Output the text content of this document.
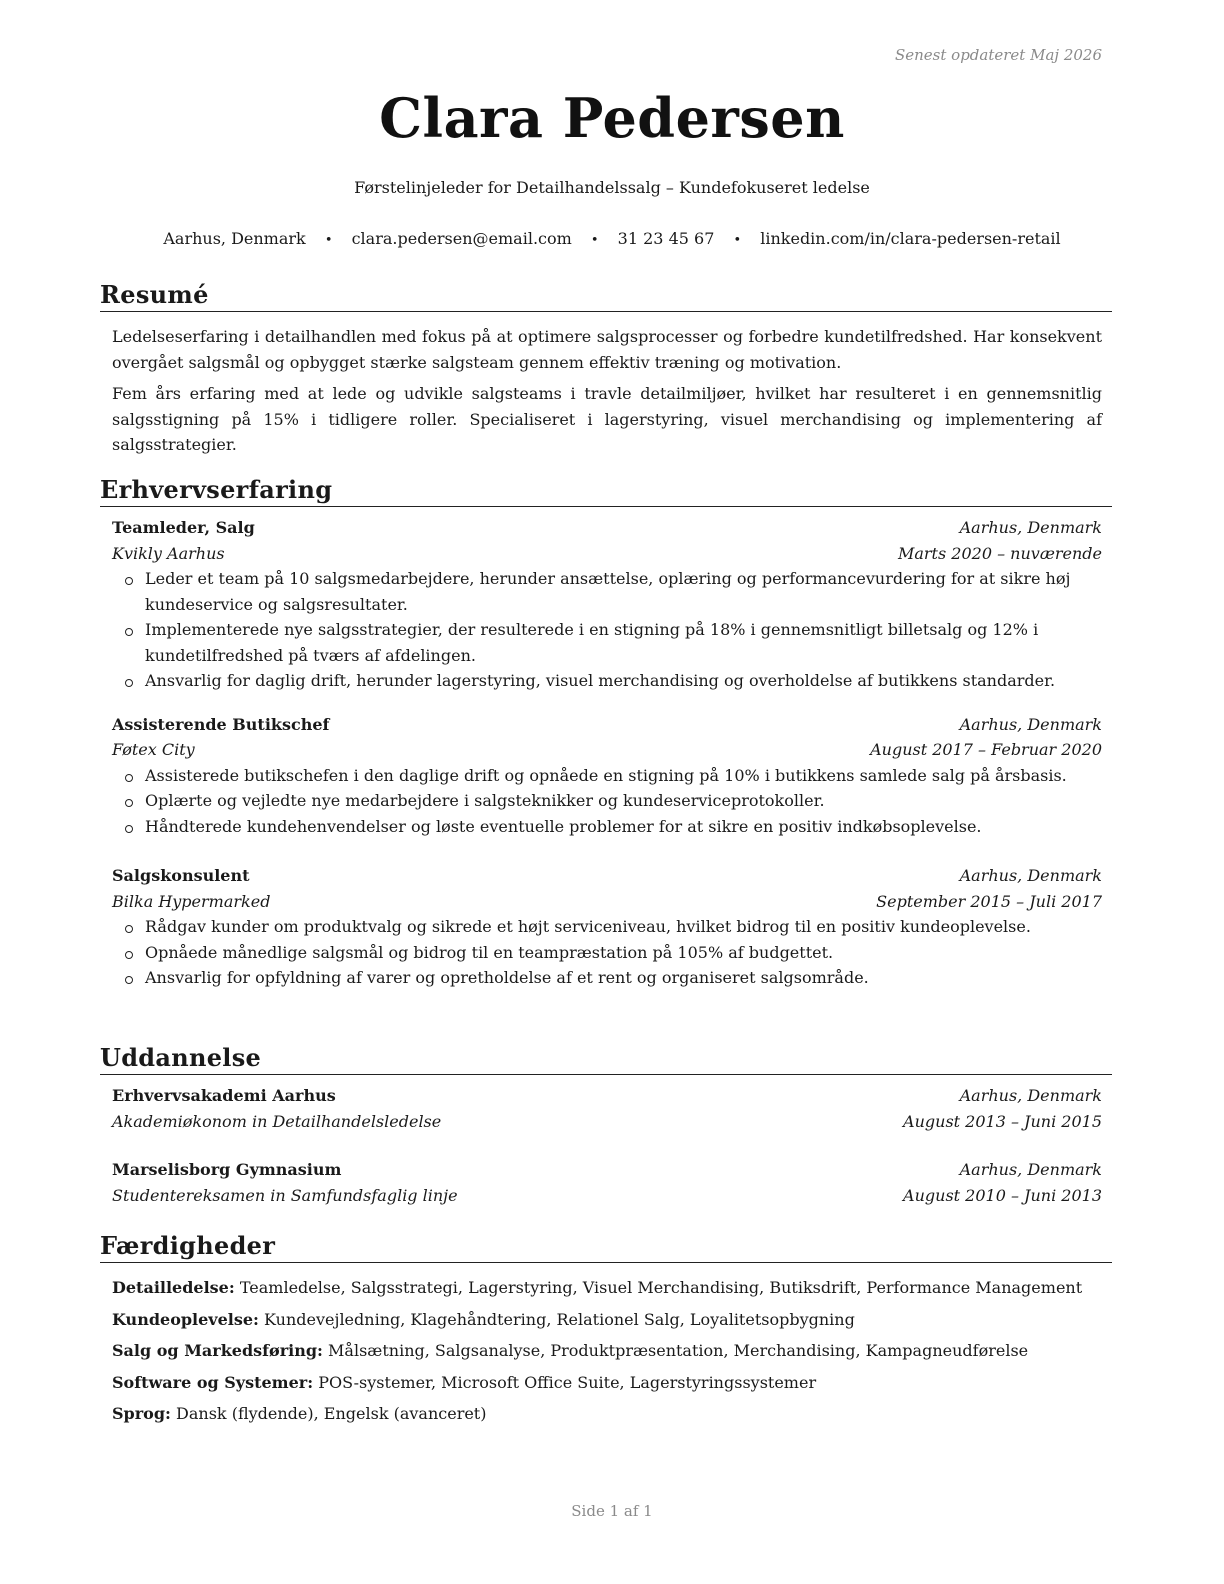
Senest opdateret Maj 2026
Clara Pedersen
Førstelinjeleder for Detailhandelssalg – Kundefokuseret ledelse
Aarhus, Denmark • clara.pedersen@email.com • 31 23 45 67 • linkedin.com/in/clara-pedersen-retail
Resumé

Ledelseserfaring i detailhandlen med fokus på at optimere salgsprocesser og forbedre kundetilfredshed. Har konsekvent overgået salgsmål og opbygget stærke salgsteam gennem effektiv træning og motivation.

Fem års erfaring med at lede og udvikle salgsteams i travle detailmiljøer, hvilket har resulteret i en gennemsnitlig salgsstigning på 15% i tidligere roller. Specialiseret i lagerstyring, visuel merchandising og implementering af salgsstrategier.

Erhvervserfaring
Teamleder, Salg	Aarhus, Denmark
Kvikly Aarhus	Marts 2020 – nuværende
Leder et team på 10 salgsmedarbejdere, herunder ansættelse, oplæring og performancevurdering for at sikre høj kundeservice og salgsresultater.
Implementerede nye salgsstrategier, der resulterede i en stigning på 18% i gennemsnitligt billetsalg og 12% i kundetilfredshed på tværs af afdelingen.
Ansvarlig for daglig drift, herunder lagerstyring, visuel merchandising og overholdelse af butikkens standarder.
Assisterende Butikschef	Aarhus, Denmark
Føtex City	August 2017 – Februar 2020
Assisterede butikschefen i den daglige drift og opnåede en stigning på 10% i butikkens samlede salg på årsbasis.
Oplærte og vejledte nye medarbejdere i salgsteknikker og kundeserviceprotokoller.
Håndterede kundehenvendelser og løste eventuelle problemer for at sikre en positiv indkøbsoplevelse.
Salgskonsulent	Aarhus, Denmark
Bilka Hypermarked	September 2015 – Juli 2017
Rådgav kunder om produktvalg og sikrede et højt serviceniveau, hvilket bidrog til en positiv kundeoplevelse.
Opnåede månedlige salgsmål og bidrog til en teampræstation på 105% af budgettet.
Ansvarlig for opfyldning af varer og opretholdelse af et rent og organiseret salgsområde.
Uddannelse
Erhvervsakademi Aarhus	Aarhus, Denmark
Akademiøkonom in Detailhandelsledelse	August 2013 – Juni 2015
Marselisborg Gymnasium	Aarhus, Denmark
Studentereksamen in Samfundsfaglig linje	August 2010 – Juni 2013
Færdigheder

Detailledelse: Teamledelse, Salgsstrategi, Lagerstyring, Visuel Merchandising, Butiksdrift, Performance Management

Kundeoplevelse: Kundevejledning, Klagehåndtering, Relationel Salg, Loyalitetsopbygning

Salg og Markedsføring: Målsætning, Salgsanalyse, Produktpræsentation, Merchandising, Kampagneudførelse

Software og Systemer: POS-systemer, Microsoft Office Suite, Lagerstyringssystemer

Sprog: Dansk (flydende), Engelsk (avanceret)

Side 1 af 1
